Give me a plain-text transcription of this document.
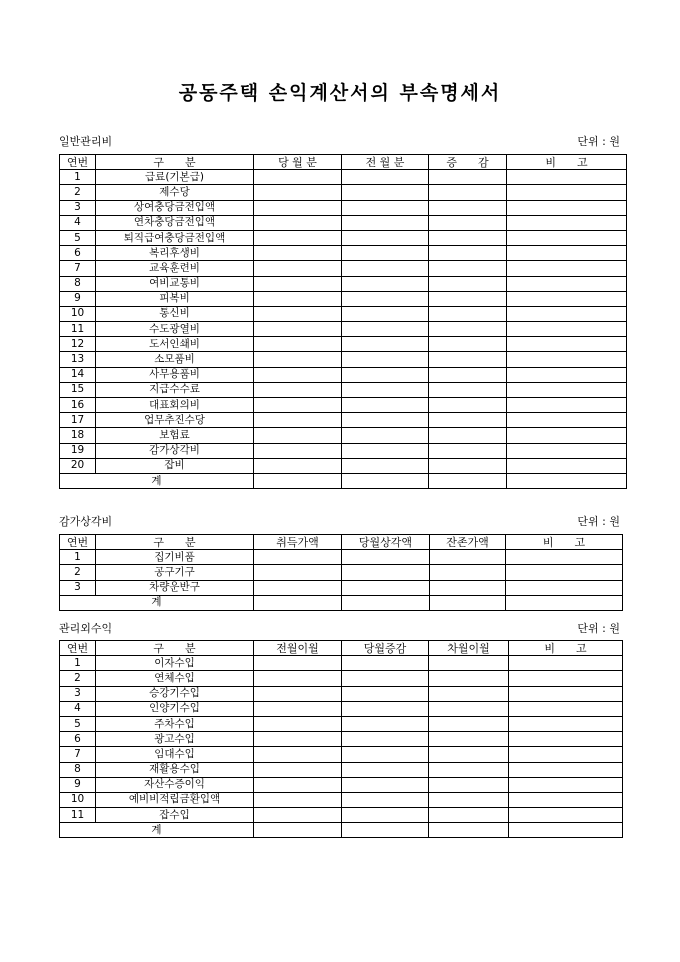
공동주택 손익계산서의 부속명세서
일반관리비	단위 : 원
연번	구      분	당 월 분	전 월 분	증      감	비      고
1	급료(기본급)				
2	제수당				
3	상여충당금전입액				
4	연차충당금전입액				
5	퇴직급여충당금전입액				
6	복리후생비				
7	교육훈련비				
8	여비교통비				
9	피복비				
10	통신비				
11	수도광열비				
12	도서인쇄비				
13	소모품비				
14	사무용품비				
15	지급수수료				
16	대표회의비				
17	업무추진수당				
18	보험료				
19	감가상각비				
20	잡비				
계					
감가상각비	단위 : 원
연번	구      분	취득가액	당월상각액	잔존가액	비      고
1	집기비품				
2	공구기구				
3	차량운반구				
계					
관리외수익	단위 : 원
연번	구      분	전월이월	당월증감	차월이월	비      고
1	이자수입				
2	연체수입				
3	승강기수입				
4	인양기수입				
5	주차수입				
6	광고수입				
7	임대수입				
8	재활용수입				
9	자산수증이익				
10	예비비적립금환입액				
11	잡수입				
계					
